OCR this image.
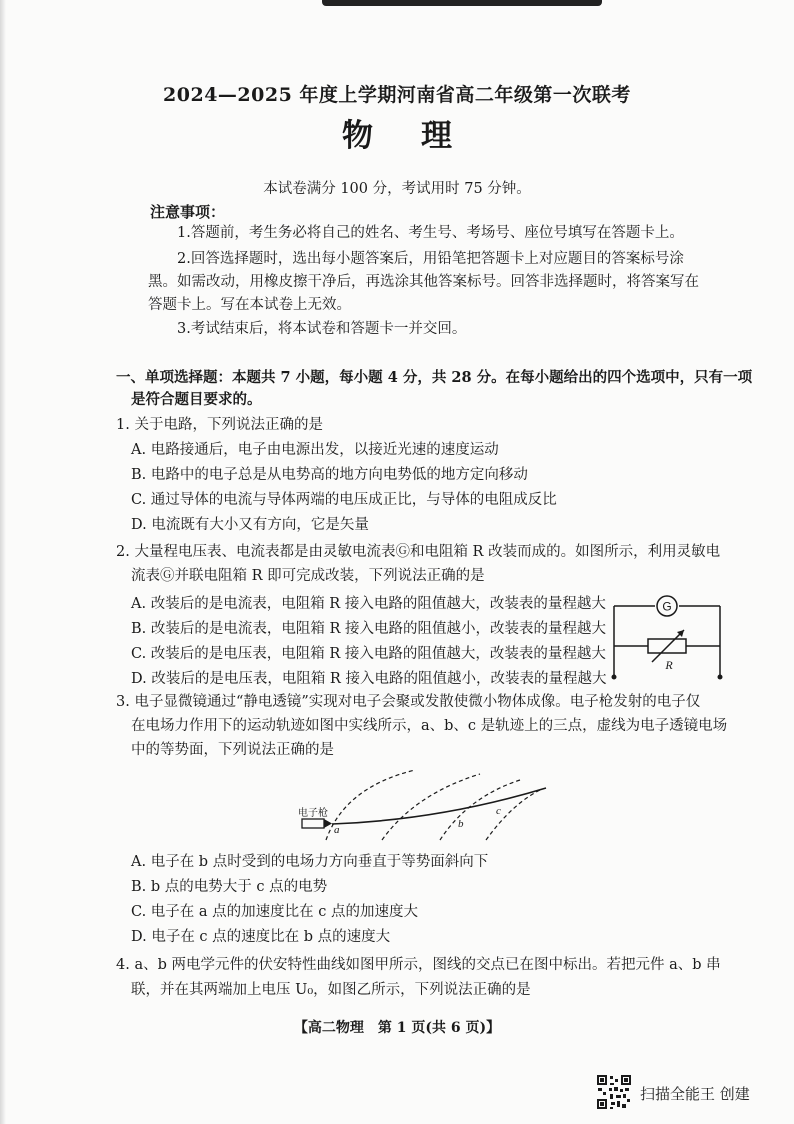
2024—2025 年度上学期河南省高二年级第一次联考
物理
本试卷满分 100 分，考试用时 75 分钟。
注意事项：
1.答题前，考生务必将自己的姓名、考生号、考场号、座位号填写在答题卡上。
2.回答选择题时，选出每小题答案后，用铅笔把答题卡上对应题目的答案标号涂
黑。如需改动，用橡皮擦干净后，再选涂其他答案标号。回答非选择题时，将答案写在
答题卡上。写在本试卷上无效。
3.考试结束后，将本试卷和答题卡一并交回。
一、单项选择题：本题共 7 小题，每小题 4 分，共 28 分。在每小题给出的四个选项中，只有一项
是符合题目要求的。
1. 关于电路，下列说法正确的是
A. 电路接通后，电子由电源出发，以接近光速的速度运动
B. 电路中的电子总是从电势高的地方向电势低的地方定向移动
C. 通过导体的电流与导体两端的电压成正比，与导体的电阻成反比
D. 电流既有大小又有方向，它是矢量
2. 大量程电压表、电流表都是由灵敏电流表Ⓖ和电阻箱 R 改装而成的。如图所示，利用灵敏电
流表Ⓖ并联电阻箱 R 即可完成改装，下列说法正确的是
A. 改装后的是电流表，电阻箱 R 接入电路的阻值越大，改装表的量程越大
B. 改装后的是电流表，电阻箱 R 接入电路的阻值越小，改装表的量程越大
C. 改装后的是电压表，电阻箱 R 接入电路的阻值越大，改装表的量程越大
D. 改装后的是电压表，电阻箱 R 接入电路的阻值越小，改装表的量程越大
G
R
3. 电子显微镜通过“静电透镜”实现对电子会聚或发散使微小物体成像。电子枪发射的电子仅
在电场力作用下的运动轨迹如图中实线所示，a、b、c 是轨迹上的三点，虚线为电子透镜电场
中的等势面，下列说法正确的是
电子枪
a	b
c
A. 电子在 b 点时受到的电场力方向垂直于等势面斜向下
B. b 点的电势大于 c 点的电势
C. 电子在 a 点的加速度比在 c 点的加速度大
D. 电子在 c 点的速度比在 b 点的速度大
4. a、b 两电学元件的伏安特性曲线如图甲所示，图线的交点已在图中标出。若把元件 a、b 串
联，并在其两端加上电压 U₀，如图乙所示，下列说法正确的是
【高二物理　第 1 页(共 6 页)】
扫描全能王 创建
